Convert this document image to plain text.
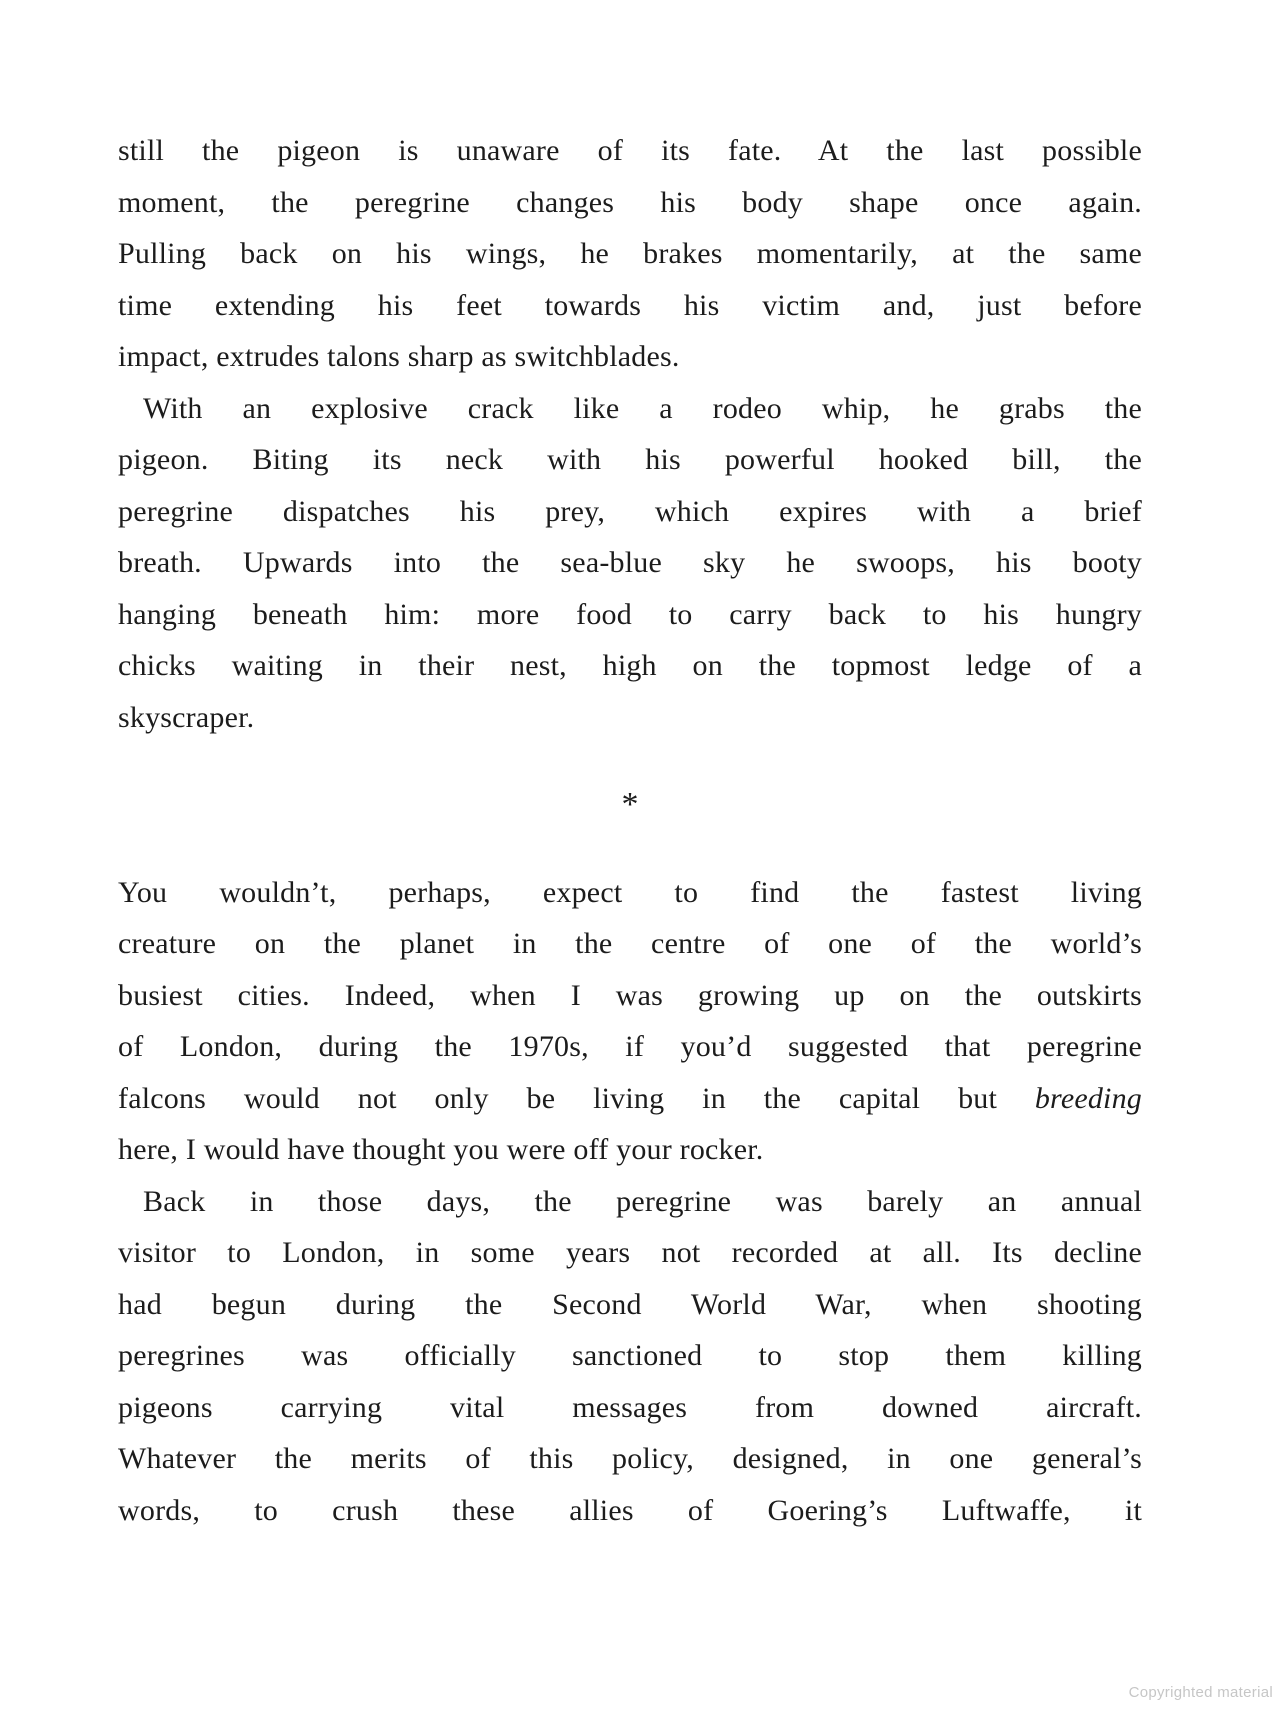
still the pigeon is unaware of its fate. At the last possible
moment, the peregrine changes his body shape once again.
Pulling back on his wings, he brakes momentarily, at the same
time extending his feet towards his victim and, just before
impact, extrudes talons sharp as switchblades.
With an explosive crack like a rodeo whip, he grabs the
pigeon. Biting its neck with his powerful hooked bill, the
peregrine dispatches his prey, which expires with a brief
breath. Upwards into the sea-blue sky he swoops, his booty
hanging beneath him: more food to carry back to his hungry
chicks waiting in their nest, high on the topmost ledge of a
skyscraper.
*
You wouldn’t, perhaps, expect to find the fastest living
creature on the planet in the centre of one of the world’s
busiest cities. Indeed, when I was growing up on the outskirts
of London, during the 1970s, if you’d suggested that peregrine
falcons would not only be living in the capital but breeding
here, I would have thought you were off your rocker.
Back in those days, the peregrine was barely an annual
visitor to London, in some years not recorded at all. Its decline
had begun during the Second World War, when shooting
peregrines was officially sanctioned to stop them killing
pigeons carrying vital messages from downed aircraft.
Whatever the merits of this policy, designed, in one general’s
words, to crush these allies of Goering’s Luftwaffe, it
Copyrighted material
